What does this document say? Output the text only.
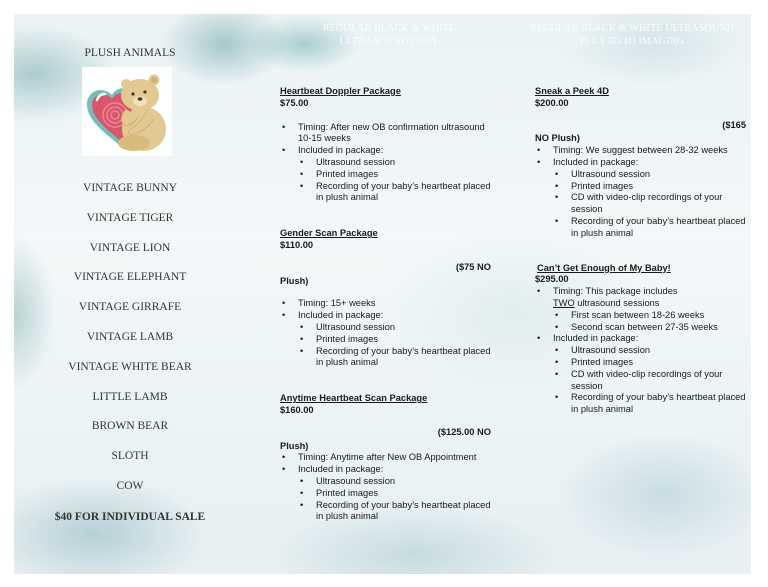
PLUSH ANIMALS
VINTAGE BUNNY
VINTAGE TIGER
VINTAGE LION
VINTAGE ELEPHANT
VINTAGE GIRRAFE
VINTAGE LAMB
VINTAGE WHITE BEAR
LITTLE LAMB
BROWN BEAR
SLOTH
COW
$40 FOR INDIVIDUAL SALE
REGULAR BLACK & WHITE
ULTRASOUND ONLY
REGULAR BLACK & WHITE ULTRASOUND
PLUS 3D/4D IMAGING
Heartbeat Doppler Package
$75.00
• Timing: After new OB confirmation ultrasound 10-15 weeks
• Included in package:
• Ultrasound session
• Printed images
• Recording of your baby’s heartbeat placed in plush animal
Gender Scan Package
$110.00
($75 NO
Plush)
• Timing: 15+ weeks
• Included in package:
• Ultrasound session
• Printed images
• Recording of your baby’s heartbeat placed in plush animal
Anytime Heartbeat Scan Package
$160.00
($125.00 NO
Plush)
• Timing: Anytime after New OB Appointment
• Included in package:
• Ultrasound session
• Printed images
• Recording of your baby’s heartbeat placed in plush animal
Sneak a Peek 4D
$200.00
($165
NO Plush)
• Timing: We suggest between 28-32 weeks
• Included in package:
• Ultrasound session
• Printed images
• CD with video-clip recordings of your session
• Recording of your baby’s heartbeat placed in plush animal
Can’t Get Enough of My Baby!
$295.00
• Timing: This package includes
TWO ultrasound sessions
• First scan between 18-26 weeks
• Second scan between 27-35 weeks
• Included in package:
• Ultrasound session
• Printed images
• CD with video-clip recordings of your session
• Recording of your baby’s heartbeat placed in plush animal
